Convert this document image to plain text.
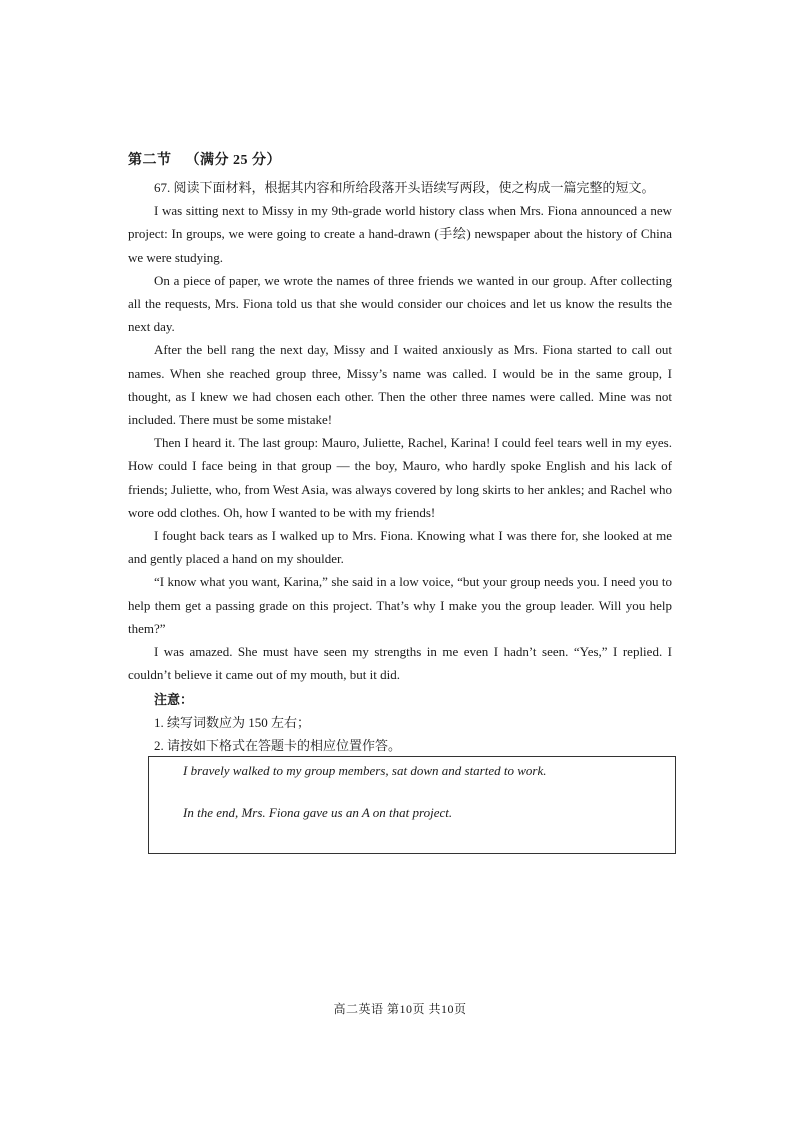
第二节 （满分 25 分）

67. 阅读下面材料，根据其内容和所给段落开头语续写两段，使之构成一篇完整的短文。

I was sitting next to Missy in my 9th-grade world history class when Mrs. Fiona announced a new project: In groups, we were going to create a hand-drawn (手绘) newspaper about the history of China we were studying.

On a piece of paper, we wrote the names of three friends we wanted in our group. After collecting all the requests, Mrs. Fiona told us that she would consider our choices and let us know the results the next day.

After the bell rang the next day, Missy and I waited anxiously as Mrs. Fiona started to call out names. When she reached group three, Missy’s name was called. I would be in the same group, I thought, as I knew we had chosen each other. Then the other three names were called. Mine was not included. There must be some mistake!

Then I heard it. The last group: Mauro, Juliette, Rachel, Karina! I could feel tears well in my eyes. How could I face being in that group — the boy, Mauro, who hardly spoke English and his lack of friends; Juliette, who, from West Asia, was always covered by long skirts to her ankles; and Rachel who wore odd clothes. Oh, how I wanted to be with my friends!

I fought back tears as I walked up to Mrs. Fiona. Knowing what I was there for, she looked at me and gently placed a hand on my shoulder.

“I know what you want, Karina,” she said in a low voice, “but your group needs you. I need you to help them get a passing grade on this project. That’s why I make you the group leader. Will you help them?”

I was amazed. She must have seen my strengths in me even I hadn’t seen. “Yes,” I replied. I couldn’t believe it came out of my mouth, but it did.

注意：
1. 续写词数应为 150 左右；
2. 请按如下格式在答题卡的相应位置作答。
I bravely walked to my group members, sat down and started to work.
In the end, Mrs. Fiona gave us an A on that project.
高二英语 第10页 共10页
